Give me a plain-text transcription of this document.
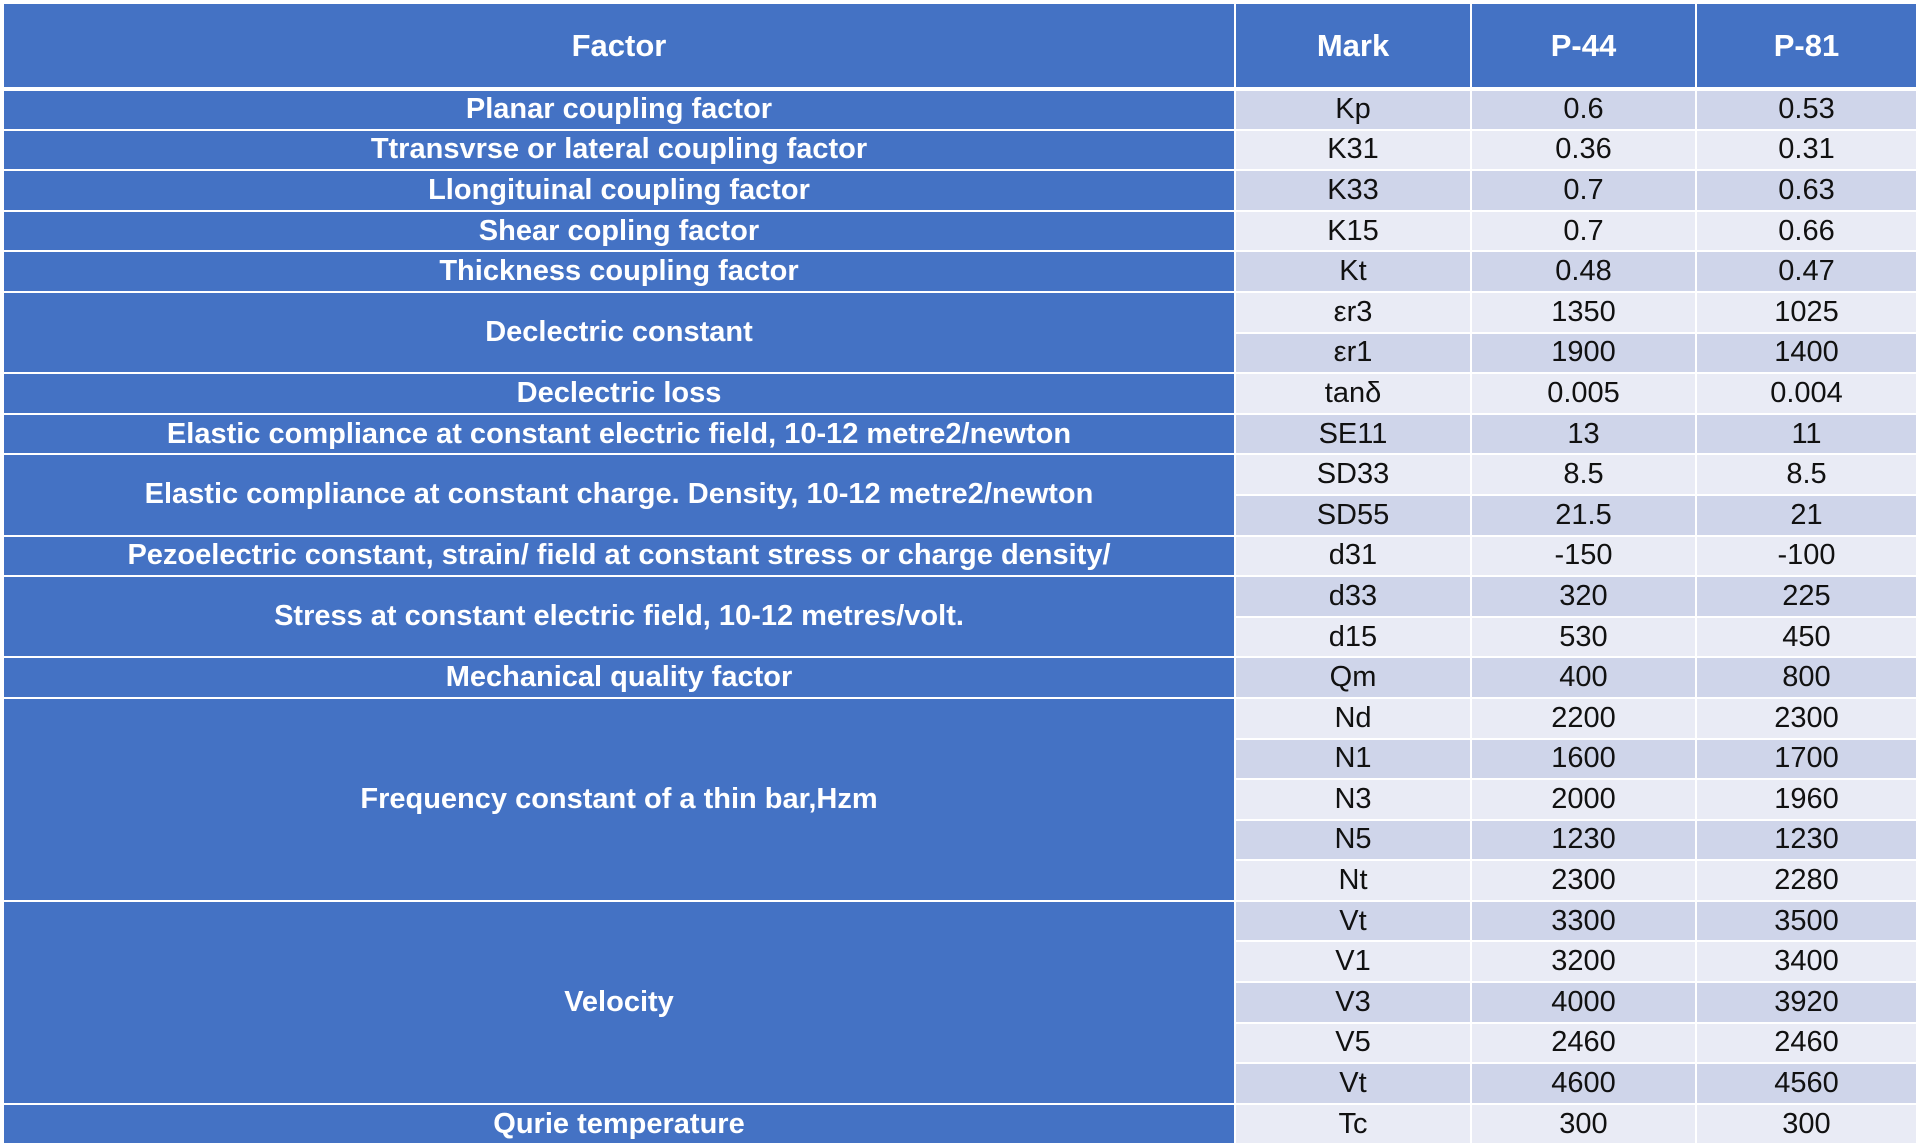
Factor	Mark	P-44	P-81
Planar coupling factor	Kp	0.6	0.53
Ttransvrse or lateral coupling factor	K31	0.36	0.31
Llongituinal coupling factor	K33	0.7	0.63
Shear copling factor	K15	0.7	0.66
Thickness coupling factor	Kt	0.48	0.47
Declectric constant	εr3	1350	1025
	εr1	1900	1400
Declectric loss	tanδ	0.005	0.004
Elastic compliance at constant electric field, 10-12 metre2/newton	SE11	13	11
Elastic compliance at constant charge. Density, 10-12 metre2/newton	SD33	8.5	8.5
	SD55	21.5	21
Pezoelectric constant, strain/ field at constant stress or charge density/	d31	-150	-100
Stress at constant electric field, 10-12 metres/volt.	d33	320	225
	d15	530	450
Mechanical quality factor	Qm	400	800
Frequency constant of a thin bar,Hzm	Nd	2200	2300
	N1	1600	1700
	N3	2000	1960
	N5	1230	1230
	Nt	2300	2280
Velocity	Vt	3300	3500
	V1	3200	3400
	V3	4000	3920
	V5	2460	2460
	Vt	4600	4560
Qurie temperature	Tc	300	300
